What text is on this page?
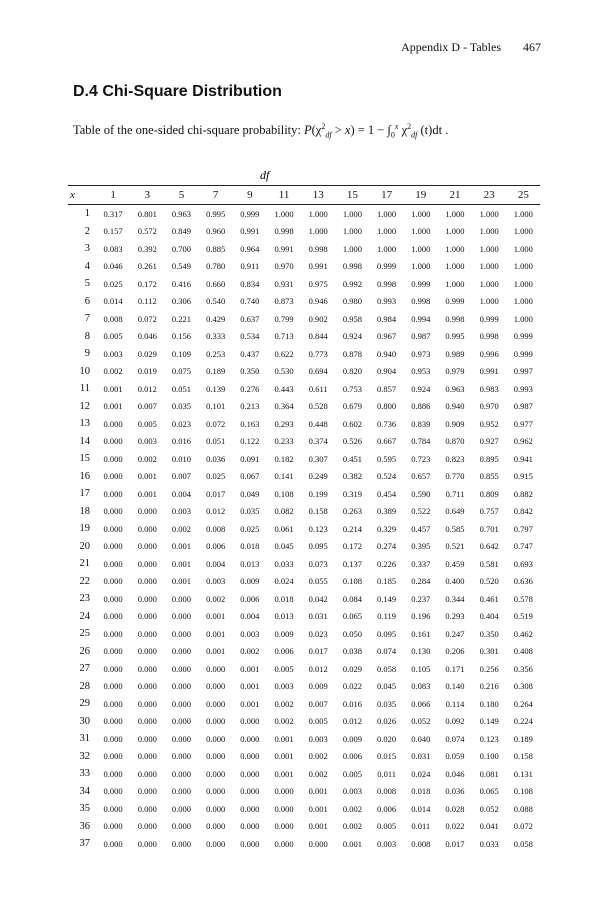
Appendix D - Tables 467
D.4 Chi-Square Distribution
Table of the one-sided chi-square probability: $P(\chi^2_{df} > x) = 1 - \int_0^x$ $\chi^2_{df}$ (t)dt .
df
x	1	3	5	7	9	11	13	15	17	19	21	23	25
1	0.317	0.801	0.963	0.995	0.999	1.000	1.000	1.000	1.000	1.000	1.000	1.000	1.000
2	0.157	0.572	0.849	0.960	0.991	0.998	1.000	1.000	1.000	1.000	1.000	1.000	1.000
3	0.083	0.392	0.700	0.885	0.964	0.991	0.998	1.000	1.000	1.000	1.000	1.000	1.000
4	0.046	0.261	0.549	0.780	0.911	0.970	0.991	0.998	0.999	1.000	1.000	1.000	1.000
5	0.025	0.172	0.416	0.660	0.834	0.931	0.975	0.992	0.998	0.999	1.000	1.000	1.000
6	0.014	0.112	0.306	0.540	0.740	0.873	0.946	0.980	0.993	0.998	0.999	1.000	1.000
7	0.008	0.072	0.221	0.429	0.637	0.799	0.902	0.958	0.984	0.994	0.998	0.999	1.000
8	0.005	0.046	0.156	0.333	0.534	0.713	0.844	0.924	0.967	0.987	0.995	0.998	0.999
9	0.003	0.029	0.109	0.253	0.437	0.622	0.773	0.878	0.940	0.973	0.989	0.996	0.999
10	0.002	0.019	0.075	0.189	0.350	0.530	0.694	0.820	0.904	0.953	0.979	0.991	0.997
11	0.001	0.012	0.051	0.139	0.276	0.443	0.611	0.753	0.857	0.924	0.963	0.983	0.993
12	0.001	0.007	0.035	0.101	0.213	0.364	0.528	0.679	0.800	0.886	0.940	0.970	0.987
13	0.000	0.005	0.023	0.072	0.163	0.293	0.448	0.602	0.736	0.839	0.909	0.952	0.977
14	0.000	0.003	0.016	0.051	0.122	0.233	0.374	0.526	0.667	0.784	0.870	0.927	0.962
15	0.000	0.002	0.010	0.036	0.091	0.182	0.307	0.451	0.595	0.723	0.823	0.895	0.941
16	0.000	0.001	0.007	0.025	0.067	0.141	0.249	0.382	0.524	0.657	0.770	0.855	0.915
17	0.000	0.001	0.004	0.017	0.049	0.108	0.199	0.319	0.454	0.590	0.711	0.809	0.882
18	0.000	0.000	0.003	0.012	0.035	0.082	0.158	0.263	0.389	0.522	0.649	0.757	0.842
19	0.000	0.000	0.002	0.008	0.025	0.061	0.123	0.214	0.329	0.457	0.585	0.701	0.797
20	0.000	0.000	0.001	0.006	0.018	0.045	0.095	0.172	0.274	0.395	0.521	0.642	0.747
21	0.000	0.000	0.001	0.004	0.013	0.033	0.073	0.137	0.226	0.337	0.459	0.581	0.693
22	0.000	0.000	0.001	0.003	0.009	0.024	0.055	0.108	0.185	0.284	0.400	0.520	0.636
23	0.000	0.000	0.000	0.002	0.006	0.018	0.042	0.084	0.149	0.237	0.344	0.461	0.578
24	0.000	0.000	0.000	0.001	0.004	0.013	0.031	0.065	0.119	0.196	0.293	0.404	0.519
25	0.000	0.000	0.000	0.001	0.003	0.009	0.023	0.050	0.095	0.161	0.247	0.350	0.462
26	0.000	0.000	0.000	0.001	0.002	0.006	0.017	0.038	0.074	0.130	0.206	0.301	0.408
27	0.000	0.000	0.000	0.000	0.001	0.005	0.012	0.029	0.058	0.105	0.171	0.256	0.356
28	0.000	0.000	0.000	0.000	0.001	0.003	0.009	0.022	0.045	0.083	0.140	0.216	0.308
29	0.000	0.000	0.000	0.000	0.001	0.002	0.007	0.016	0.035	0.066	0.114	0.180	0.264
30	0.000	0.000	0.000	0.000	0.000	0.002	0.005	0.012	0.026	0.052	0.092	0.149	0.224
31	0.000	0.000	0.000	0.000	0.000	0.001	0.003	0.009	0.020	0.040	0.074	0.123	0.189
32	0.000	0.000	0.000	0.000	0.000	0.001	0.002	0.006	0.015	0.031	0.059	0.100	0.158
33	0.000	0.000	0.000	0.000	0.000	0.001	0.002	0.005	0.011	0.024	0.046	0.081	0.131
34	0.000	0.000	0.000	0.000	0.000	0.000	0.001	0.003	0.008	0.018	0.036	0.065	0.108
35	0.000	0.000	0.000	0.000	0.000	0.000	0.001	0.002	0.006	0.014	0.028	0.052	0.088
36	0.000	0.000	0.000	0.000	0.000	0.000	0.001	0.002	0.005	0.011	0.022	0.041	0.072
37	0.000	0.000	0.000	0.000	0.000	0.000	0.000	0.001	0.003	0.008	0.017	0.033	0.058
